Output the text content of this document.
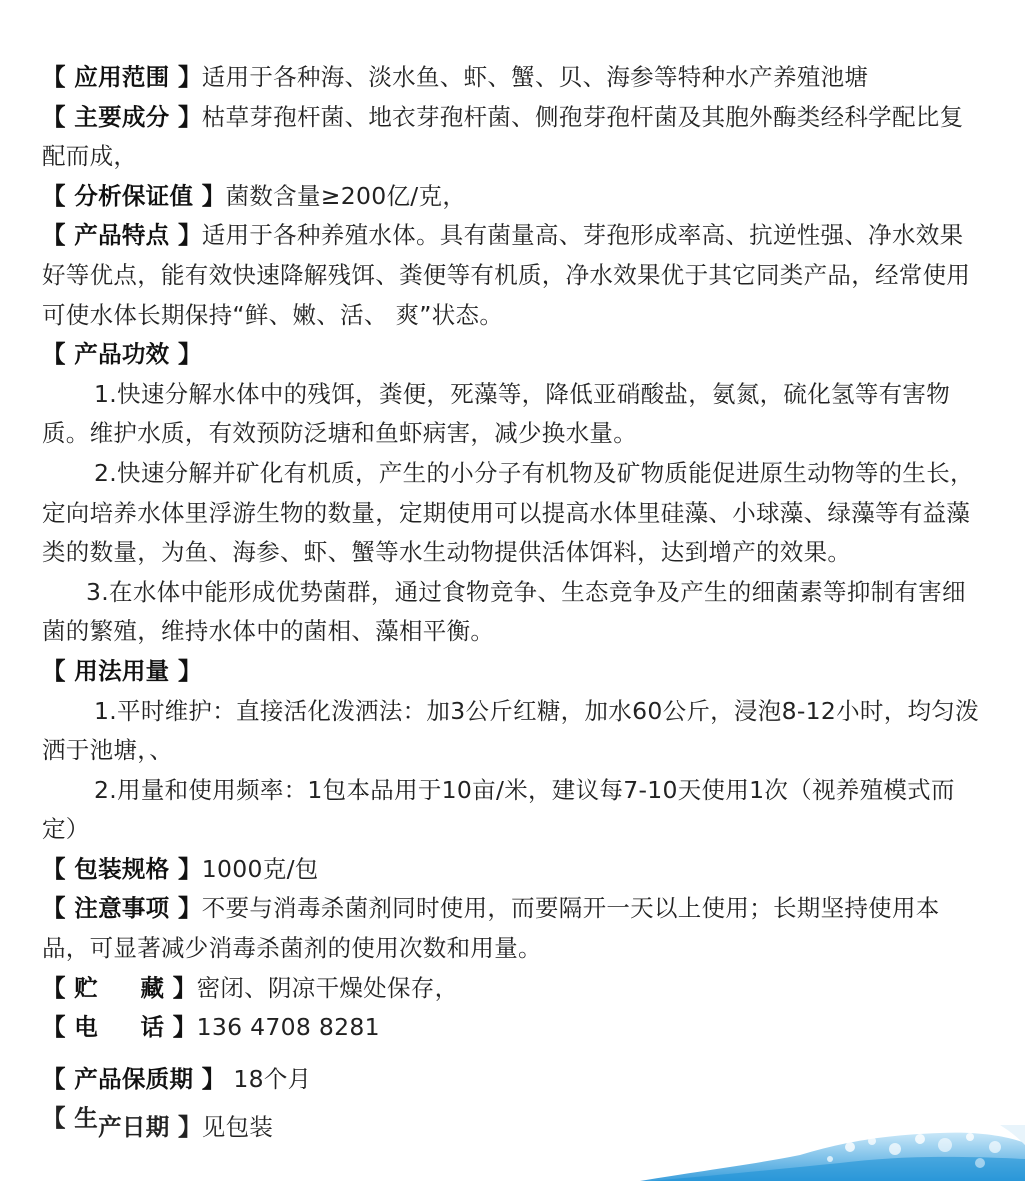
【 应用范围 】适用于各种海、淡水鱼、虾、蟹、贝、海参等特种水产养殖池塘

【 主要成分 】枯草芽孢杆菌、地衣芽孢杆菌、侧孢芽孢杆菌及其胞外酶类经科学配比复配而成，

【 分析保证值 】菌数含量≥200亿/克，

【 产品特点 】适用于各种养殖水体。具有菌量高、芽孢形成率高、抗逆性强、净水效果好等优点，能有效快速降解残饵、粪便等有机质，净水效果优于其它同类产品，经常使用可使水体长期保持“鲜、嫩、活、 爽”状态。

【 产品功效 】

1.快速分解水体中的残饵，粪便，死藻等，降低亚硝酸盐，氨氮，硫化氢等有害物质。维护水质，有效预防泛塘和鱼虾病害，减少换水量。

2.快速分解并矿化有机质，产生的小分子有机物及矿物质能促进原生动物等的生长，定向培养水体里浮游生物的数量，定期使用可以提高水体里硅藻、小球藻、绿藻等有益藻类的数量，为鱼、海参、虾、蟹等水生动物提供活体饵料，达到增产的效果。

3.在水体中能形成优势菌群，通过食物竞争、生态竞争及产生的细菌素等抑制有害细菌的繁殖，维持水体中的菌相、藻相平衡。

【 用法用量 】

1.平时维护：直接活化泼洒法：加3公斤红糖，加水60公斤，浸泡8-12小时，均匀泼洒于池塘，、

2.用量和使用频率：1包本品用于10亩/米，建议每7-10天使用1次（视养殖模式而定）

【 包装规格 】1000克/包

【 注意事项 】不要与消毒杀菌剂同时使用，而要隔开一天以上使用；长期坚持使用本品，可显著减少消毒杀菌剂的使用次数和用量。

【 贮     藏 】密闭、阴凉干燥处保存，

【 电     话 】136 4708 8281

【 产品保质期 】 18个月

【 生产日期 】见包装
